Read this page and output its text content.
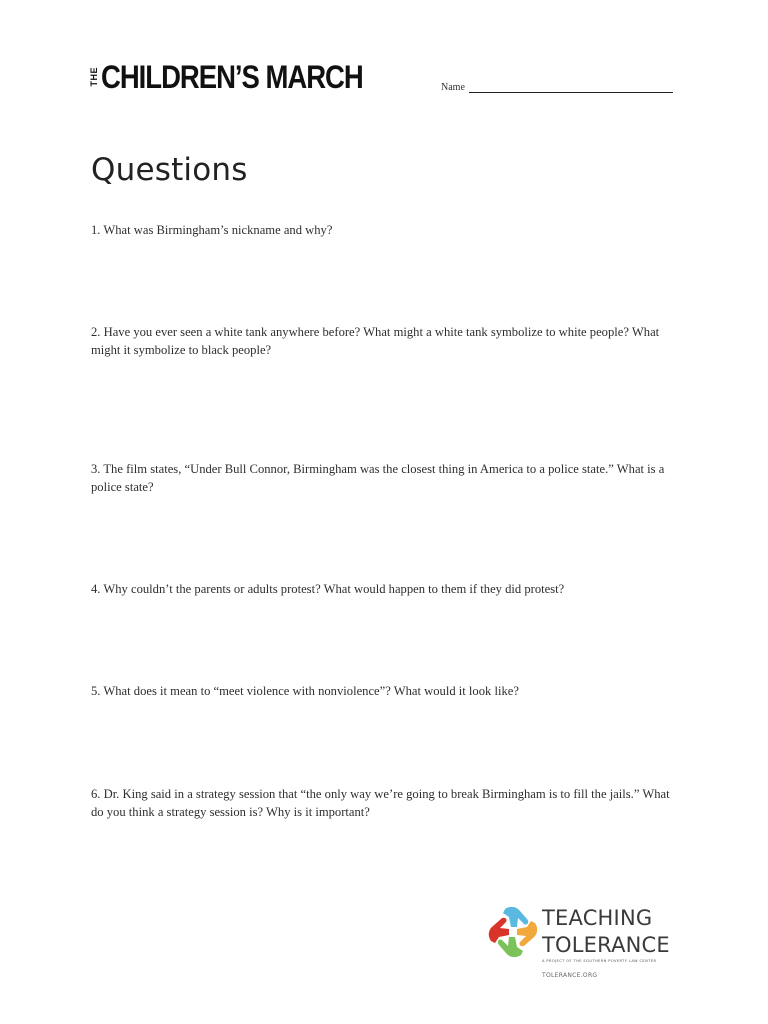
THE CHILDREN’S MARCH	Name
Questions
1. What was Birmingham’s nickname and why?
2. Have you ever seen a white tank anywhere before? What might a white tank symbolize to white people? What might it symbolize to black people?
3. The film states, “Under Bull Connor, Birmingham was the closest thing in America to a police state.” What is a police state?
4. Why couldn’t the parents or adults protest? What would happen to them if they did protest?
5. What does it mean to “meet violence with nonviolence”? What would it look like?
6. Dr. King said in a strategy session that “the only way we’re going to break Birmingham is to fill the jails.” What do you think a strategy session is? Why is it important?
TEACHING
TOLERANCE
A PROJECT OF THE SOUTHERN POVERTY LAW CENTER
TOLERANCE.ORG
